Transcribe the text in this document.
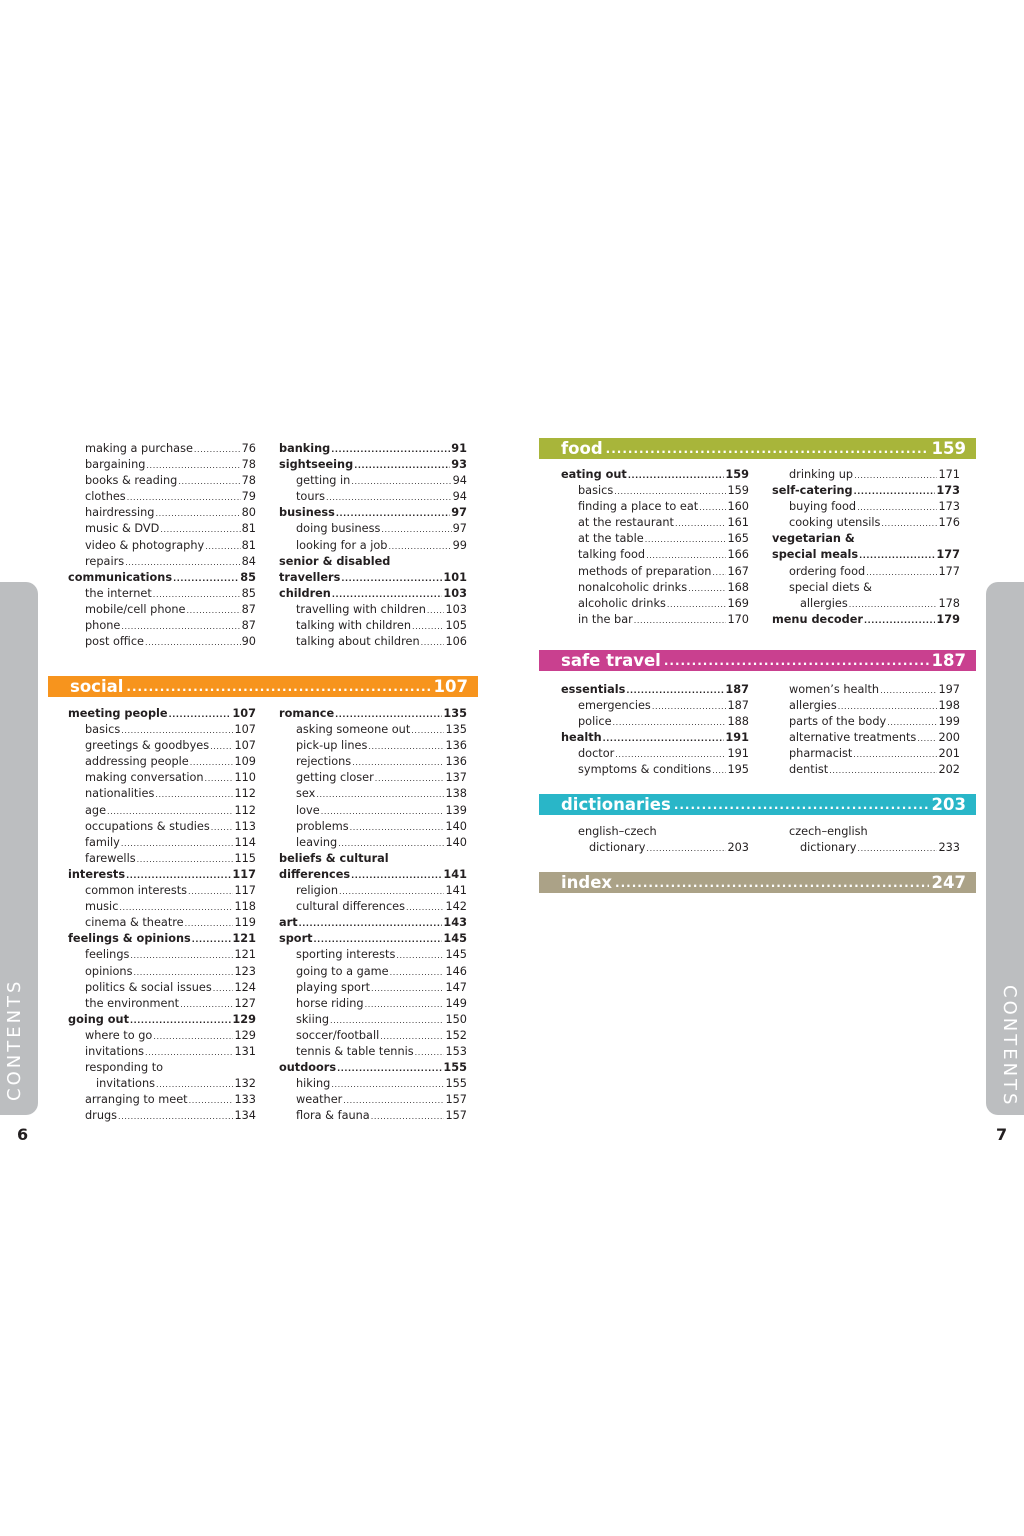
CONTENTS
6
making a purchase .....	76
bargaining .....	78
books & reading .....	78
clothes .....	79
hairdressing .....	80
music & DVD .....	81
video & photography .....	81
repairs .....	84
communications .....	85
the internet .....	85
mobile/cell phone .....	87
phone .....	87
post office .....	90
banking .....	91
sightseeing .....	93
getting in .....	94
tours .....	94
business .....	97
doing business .....	97
looking for a job .....	99
senior & disabled
travellers .....	101
children .....	103
travelling with children ..... 103
talking with children .....	105
talking about children ..... 106
social .....	107
meeting people .....	107
basics .....	107
greetings & goodbyes ..... 107
addressing people .....	109
making conversation .....	110
nationalities .....	112
age .....	112
occupations & studies ..... 113
family .....	114
farewells .....	115
interests .....	117
common interests .....	117
music .....	118
cinema & theatre .....	119
feelings & opinions .....	121
feelings .....	121
opinions .....	123
politics & social issues ..... 124
the environment .....	127
going out .....	129
where to go .....	129
invitations .....	131
responding to
invitations .....	132
arranging to meet .....	133
drugs .....	134
romance .....	135
asking someone out .....	135
pick-up lines .....	136
rejections .....	136
getting closer .....	137
sex .....	138
love .....	139
problems .....	140
leaving .....	140
beliefs & cultural
differences .....	141
religion .....	141
cultural differences .....	142
art .....	143
sport .....	145
sporting interests .....	145
going to a game .....	146
playing sport .....	147
horse riding .....	149
skiing .....	150
soccer/football .....	152
tennis & table tennis .....	153
outdoors .....	155
hiking .....	155
weather .....	157
flora & fauna .....	157
CONTENTS
7
food .....	159
eating out .....	159
basics .....	159
finding a place to eat .....	160
at the restaurant .....	161
at the table .....	165
talking food .....	166
methods of preparation ..... 167
nonalcoholic drinks .....	168
alcoholic drinks .....	169
in the bar .....	170
drinking up .....	171
self-catering .....	173
buying food .....	173
cooking utensils .....	176
vegetarian &
special meals .....	177
ordering food .....	177
special diets &
allergies .....	178
menu decoder .....	179
safe travel .....	187
essentials .....	187
emergencies .....	187
police .....	188
health .....	191
doctor .....	191
symptoms & conditions ..... 195
women’s health .....	197
allergies .....	198
parts of the body .....	199
alternative treatments ..... 200
pharmacist .....	201
dentist .....	202
dictionaries .....	203
english–czech
dictionary .....	203
czech–english
dictionary .....	233
index .....	247
